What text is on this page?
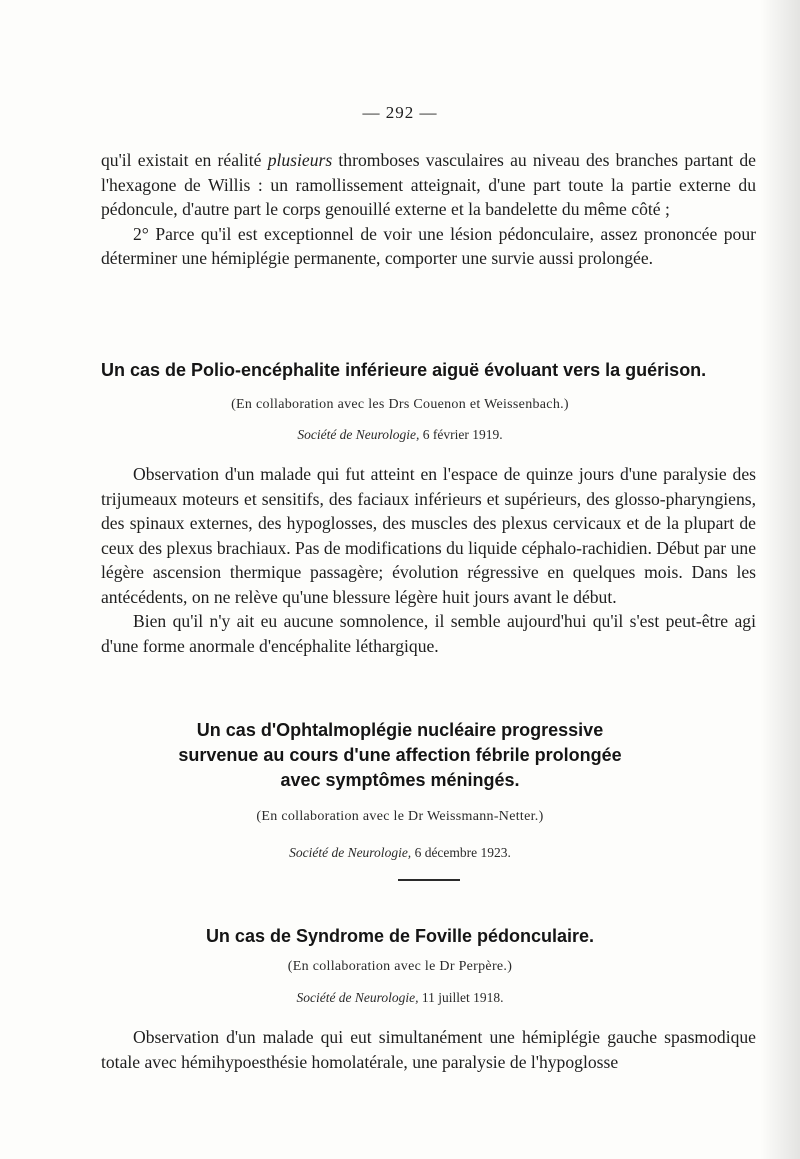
— 292 —

qu'il existait en réalité plusieurs thromboses vasculaires au niveau des branches partant de l'hexagone de Willis : un ramollissement atteignait, d'une part toute la partie externe du pédoncule, d'autre part le corps genouillé externe et la bandelette du même côté ;

2° Parce qu'il est exceptionnel de voir une lésion pédonculaire, assez prononcée pour déterminer une hémiplégie permanente, comporter une survie aussi prolongée.

Un cas de Polio-encéphalite inférieure aiguë évoluant vers la guérison.
(En collaboration avec les Drs Couenon et Weissenbach.)
Société de Neurologie, 6 février 1919.

Observation d'un malade qui fut atteint en l'espace de quinze jours d'une paralysie des trijumeaux moteurs et sensitifs, des faciaux inférieurs et supérieurs, des glosso-pharyngiens, des spinaux externes, des hypoglosses, des muscles des plexus cervicaux et de la plupart de ceux des plexus brachiaux. Pas de modifications du liquide céphalo-rachidien. Début par une légère ascension thermique passagère; évolution régressive en quelques mois. Dans les antécédents, on ne relève qu'une blessure légère huit jours avant le début.

Bien qu'il n'y ait eu aucune somnolence, il semble aujourd'hui qu'il s'est peut-être agi d'une forme anormale d'encéphalite léthargique.

Un cas d'Ophtalmoplégie nucléaire progressive
survenue au cours d'une affection fébrile prolongée
avec symptômes méningés.
(En collaboration avec le Dr Weissmann-Netter.)
Société de Neurologie, 6 décembre 1923.
Un cas de Syndrome de Foville pédonculaire.
(En collaboration avec le Dr Perpère.)
Société de Neurologie, 11 juillet 1918.

Observation d'un malade qui eut simultanément une hémiplégie gauche spasmodique totale avec hémihypoesthésie homolatérale, une paralysie de l'hypoglosse
